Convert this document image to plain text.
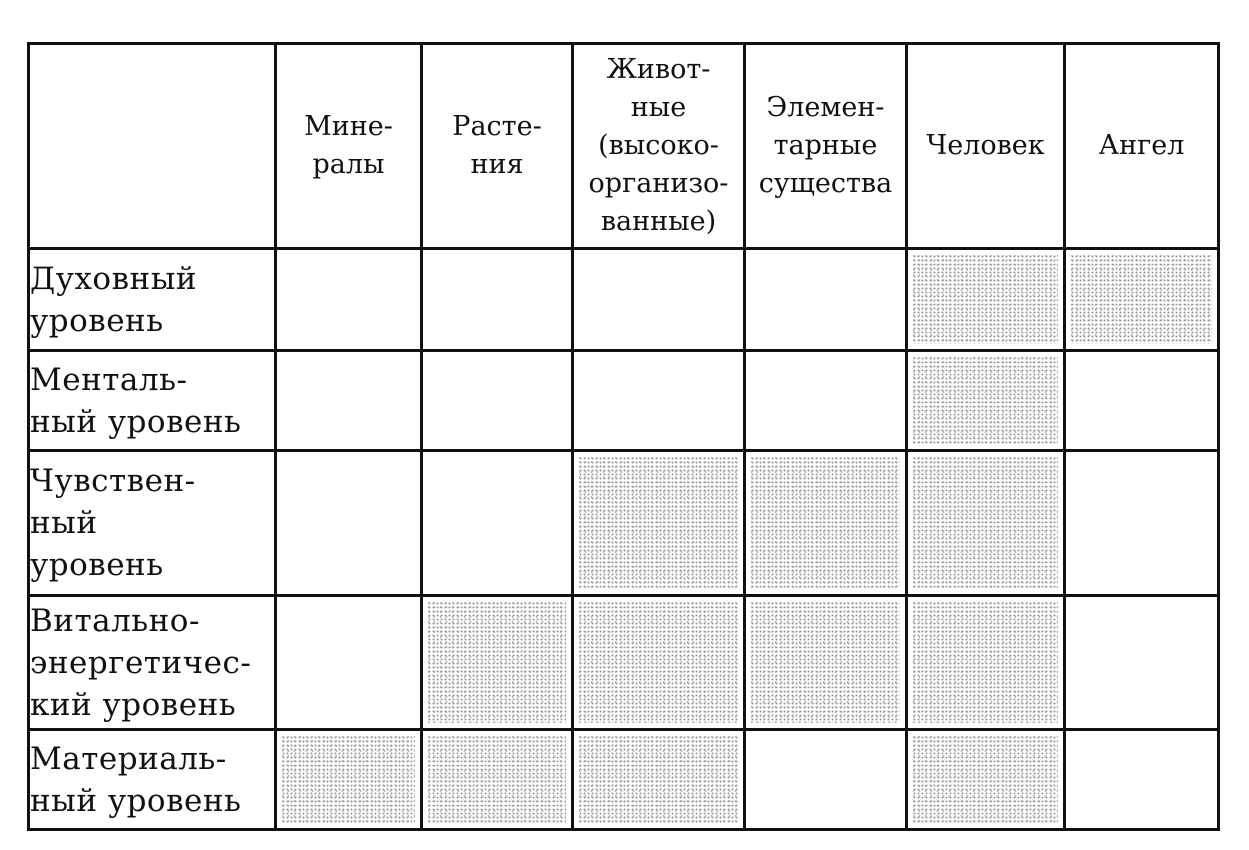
	Мине-
ралы	Расте-
ния	Живот-
ные
(высоко-
организо-
ванные)	Элемен-
тарные
существа	Человек	Ангел
Духовный
уровень						
Менталь-
ный уровень						
Чувствен-
ный
уровень						
Витально-
энергетичес-
кий уровень						
Материаль-
ный уровень						
